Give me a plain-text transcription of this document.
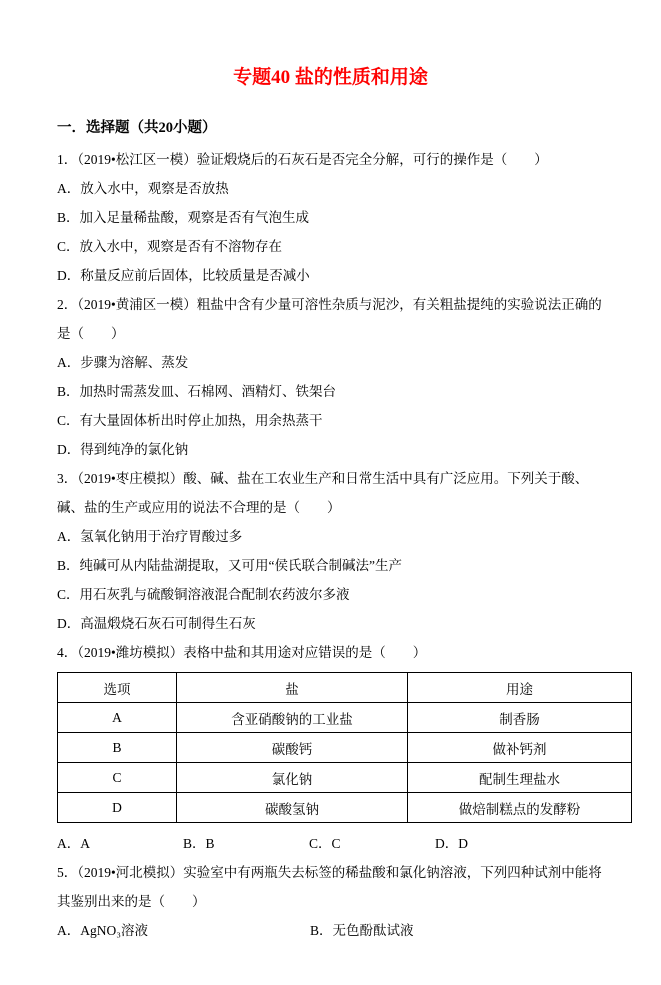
专题40 盐的性质和用途
一．选择题（共20小题）

1．（2019•松江区一模）验证煅烧后的石灰石是否完全分解，可行的操作是（　　）

A．放入水中，观察是否放热

B．加入足量稀盐酸，观察是否有气泡生成

C．放入水中，观察是否有不溶物存在

D．称量反应前后固体，比较质量是否减小

2．（2019•黄浦区一模）粗盐中含有少量可溶性杂质与泥沙，有关粗盐提纯的实验说法正确的是（　　）

A．步骤为溶解、蒸发

B．加热时需蒸发皿、石棉网、酒精灯、铁架台

C．有大量固体析出时停止加热，用余热蒸干

D．得到纯净的氯化钠

3．（2019•枣庄模拟）酸、碱、盐在工农业生产和日常生活中具有广泛应用。下列关于酸、碱、盐的生产或应用的说法不合理的是（　　）

A．氢氧化钠用于治疗胃酸过多

B．纯碱可从内陆盐湖提取，又可用“侯氏联合制碱法”生产

C．用石灰乳与硫酸铜溶液混合配制农药波尔多液

D．高温煅烧石灰石可制得生石灰

4．（2019•潍坊模拟）表格中盐和其用途对应错误的是（　　）

选项	盐	用途
A	含亚硝酸钠的工业盐	制香肠
B	碳酸钙	做补钙剂
C	氯化钠	配制生理盐水
D	碳酸氢钠	做焙制糕点的发酵粉
A．A	B．B	C．C	D．D

5．（2019•河北模拟）实验室中有两瓶失去标签的稀盐酸和氯化钠溶液，下列四种试剂中能将其鉴别出来的是（　　）

A．AgNO₃溶液	B．无色酚酞试液
